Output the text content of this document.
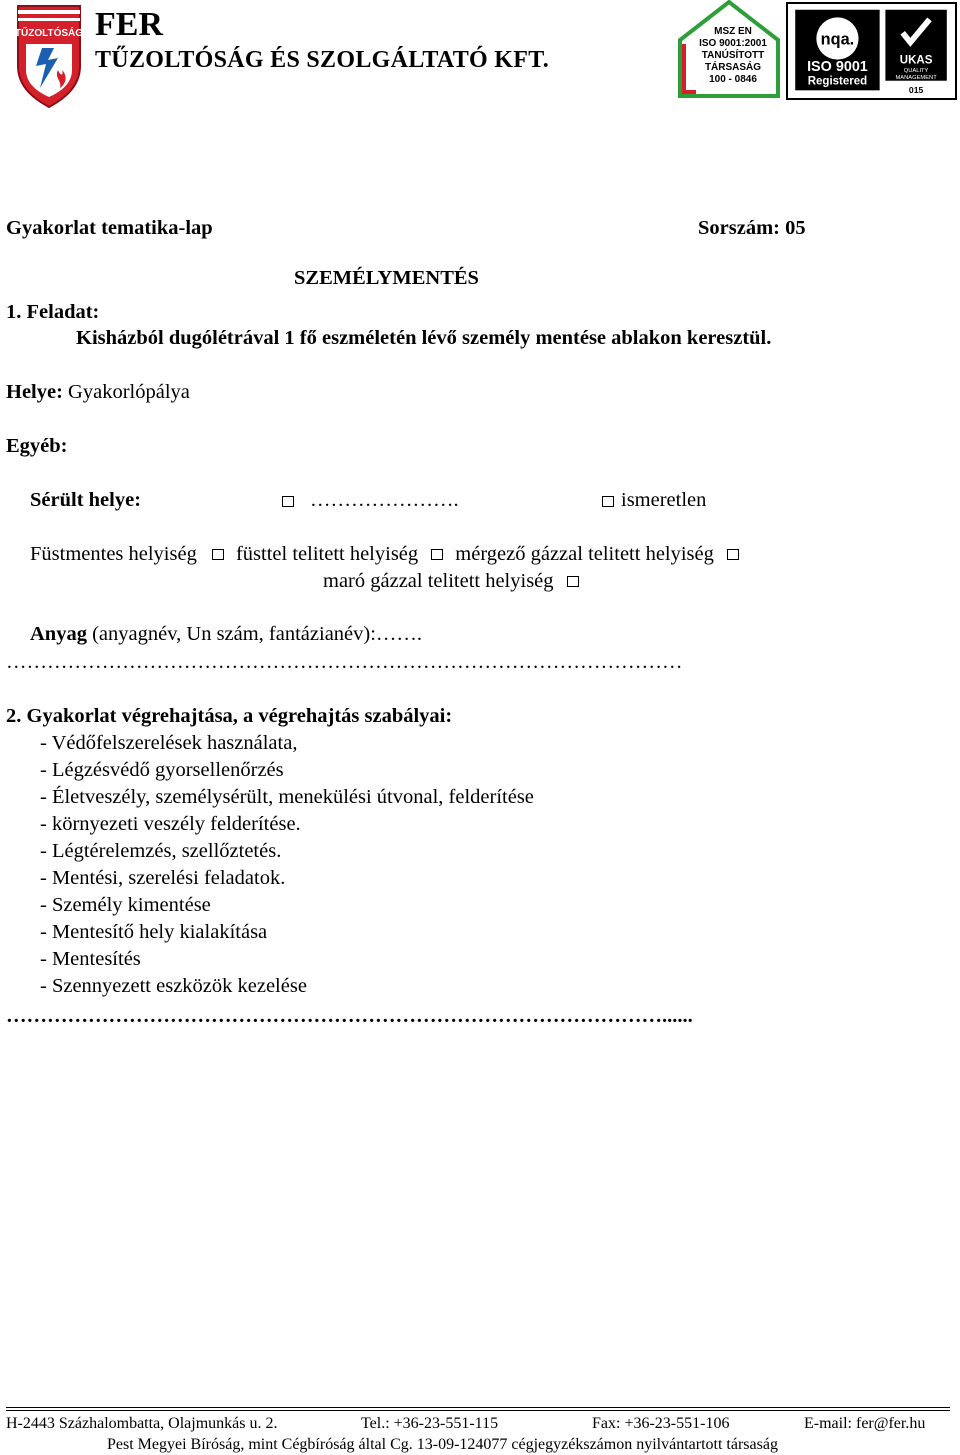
TŰZOLTÓSÁG FER
TŰZOLTÓSÁG ÉS SZOLGÁLTATÓ KFT.
MSZ EN
ISO 9001:2001
TANÚSÍTOTT
TÁRSASÁG
100 - 0846
nqa.
ISO 9001
Registered
UKAS
QUALITY
MANAGEMENT
015
Gyakorlat tematika-lap	Sorszám: 05
SZEMÉLYMENTÉS
1. Feladat:
Kisházból dugólétrával 1 fő eszméletén lévő személy mentése ablakon keresztül.
Helye: Gyakorlópálya
Egyéb:
Sérült helye:	………………….	ismeretlen
Füstmentes helyiség füsttel telitett helyiség mérgező gázzal telitett helyiség
maró gázzal telitett helyiség
Anyag (anyagnév, Un szám, fantázianév):…….
………………………………………………………………………………………
2. Gyakorlat végrehajtása, a végrehajtás szabályai:
- Védőfelszerelések használata,
- Légzésvédő gyorsellenőrzés
- Életveszély, személysérült, menekülési útvonal, felderítése
- környezeti veszély felderítése.
- Légtérelemzés, szellőztetés.
- Mentési, szerelési feladatok.
- Személy kimentése
- Mentesítő hely kialakítása
- Mentesítés
- Szennyezett eszközök kezelése
……………………………………………………………………………………......
H-2443 Százhalombatta, Olajmunkás u. 2.	Tel.: +36-23-551-115	Fax: +36-23-551-106	E-mail: fer@fer.hu
Pest Megyei Bíróság, mint Cégbíróság által Cg. 13-09-124077 cégjegyzékszámon nyilvántartott társaság
